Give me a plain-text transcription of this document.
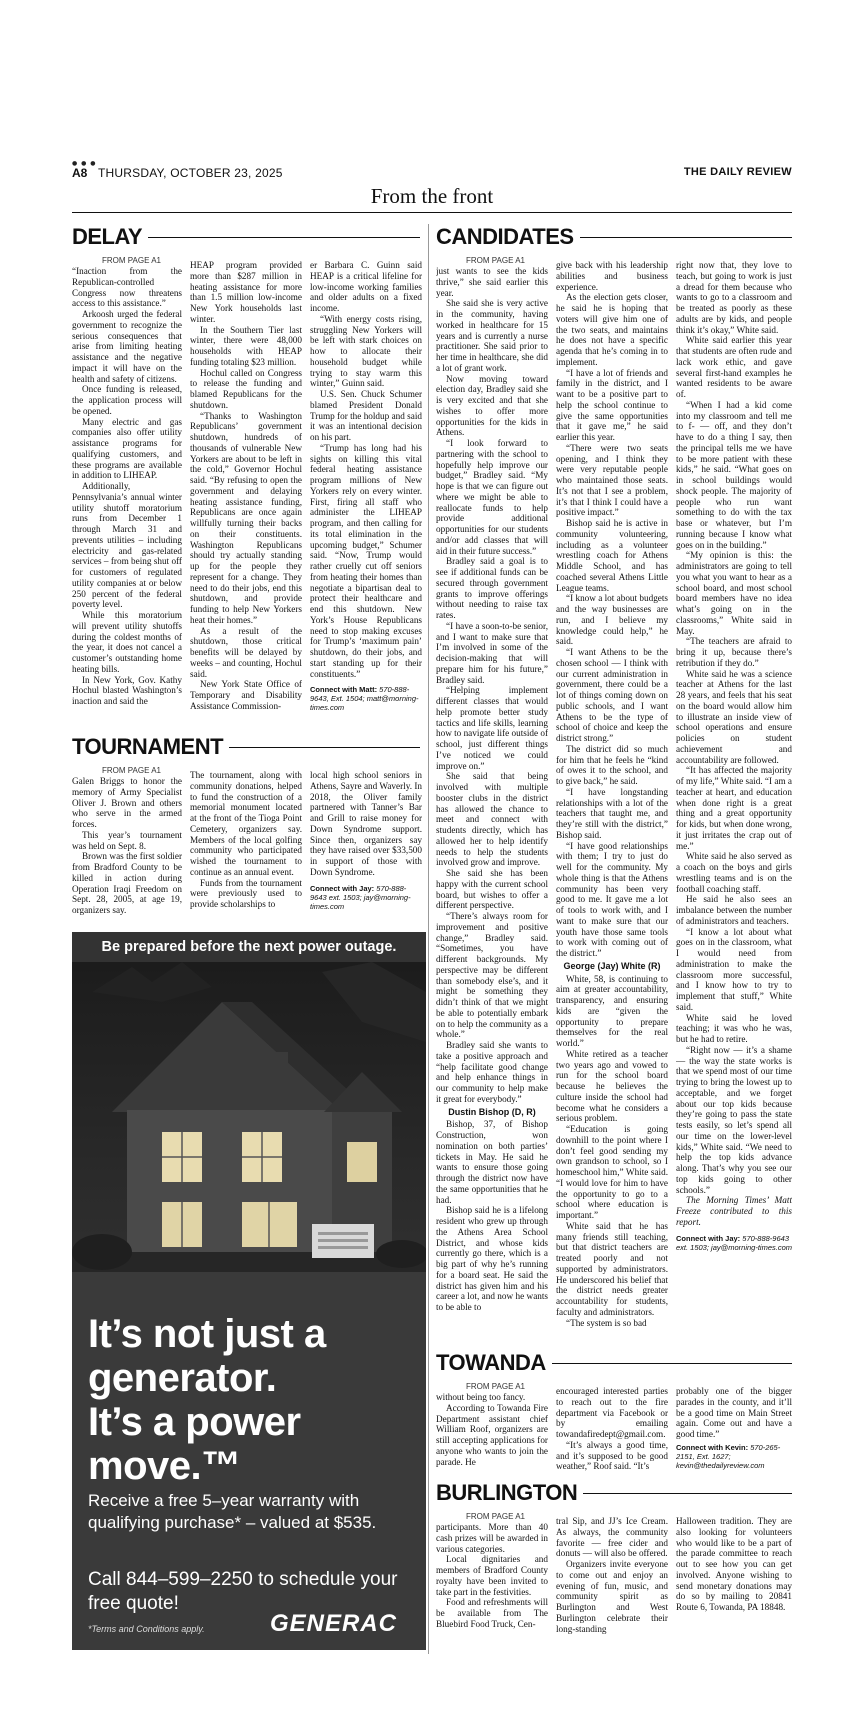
● ● ●
A8 THURSDAY, OCTOBER 23, 2025	THE DAILY REVIEW
From the front
DELAY
FROM PAGE A1

“Inaction from the Republican-controlled Congress now threatens access to this assistance.”

Arkoosh urged the federal government to recognize the serious consequences that arise from limiting heating assistance and the negative impact it will have on the health and safety of citizens.

Once funding is released, the application process will be opened.

Many electric and gas companies also offer utility assistance programs for qualifying customers, and these programs are available in addition to LIHEAP.

Additionally, Pennsylvania’s annual winter utility shutoff moratorium runs from December 1 through March 31 and prevents utilities – including electricity and gas-related services – from being shut off for customers of regulated utility companies at or below 250 percent of the federal poverty level.

While this moratorium will prevent utility shutoffs during the coldest months of the year, it does not cancel a customer’s outstanding home heating bills.

In New York, Gov. Kathy Hochul blasted Washington’s inaction and said the

HEAP program provided more than $287 million in heating assistance for more than 1.5 million low-income New York households last winter.

In the Southern Tier last winter, there were 48,000 households with HEAP funding totaling $23 million.

Hochul called on Congress to release the funding and blamed Republicans for the shutdown.

“Thanks to Washington Republicans’ government shutdown, hundreds of thousands of vulnerable New Yorkers are about to be left in the cold,” Governor Hochul said. “By refusing to open the government and delaying heating assistance funding, Republicans are once again willfully turning their backs on their constituents. Washington Republicans should try actually standing up for the people they represent for a change. They need to do their jobs, end this shutdown, and provide funding to help New Yorkers heat their homes.”

As a result of the shutdown, those critical benefits will be delayed by weeks – and counting, Hochul said.

New York State Office of Temporary and Disability Assistance Commission-

er Barbara C. Guinn said HEAP is a critical lifeline for low-income working families and older adults on a fixed income.

“With energy costs rising, struggling New Yorkers will be left with stark choices on how to allocate their household budget while trying to stay warm this winter,” Guinn said.

U.S. Sen. Chuck Schumer blamed President Donald Trump for the holdup and said it was an intentional decision on his part.

“Trump has long had his sights on killing this vital federal heating assistance program millions of New Yorkers rely on every winter. First, firing all staff who administer the LIHEAP program, and then calling for its total elimination in the upcoming budget,” Schumer said. “Now, Trump would rather cruelly cut off seniors from heating their homes than negotiate a bipartisan deal to protect their healthcare and end this shutdown. New York’s House Republicans need to stop making excuses for Trump’s ‘maximum pain’ shutdown, do their jobs, and start standing up for their constituents.”

Connect with Matt: 570-888-9643, Ext. 1504; matt@morning-times.com

TOURNAMENT
FROM PAGE A1

Galen Briggs to honor the memory of Army Specialist Oliver J. Brown and others who serve in the armed forces.

This year’s tournament was held on Sept. 8.

Brown was the first soldier from Bradford County to be killed in action during Operation Iraqi Freedom on Sept. 28, 2005, at age 19, organizers say.

The tournament, along with community donations, helped to fund the construction of a memorial monument located at the front of the Tioga Point Cemetery, organizers say. Members of the local golfing community who participated wished the tournament to continue as an annual event.

Funds from the tournament were previously used to provide scholarships to

local high school seniors in Athens, Sayre and Waverly. In 2018, the Oliver family partnered with Tanner’s Bar and Grill to raise money for Down Syndrome support. Since then, organizers say they have raised over $33,500 in support of those with Down Syndrome.

Connect with Jay: 570-888-9643 ext. 1503; jay@morning-times.com

Be prepared before the next power outage.
It’s not just a generator.
It’s a power move.™
Receive a free 5–year warranty with qualifying purchase* – valued at $535.
Call 844–599–2250 to schedule your free quote!
*Terms and Conditions apply.	GENERAC
CANDIDATES
FROM PAGE A1

just wants to see the kids thrive,” she said earlier this year.

She said she is very active in the community, having worked in healthcare for 15 years and is currently a nurse practitioner. She said prior to her time in healthcare, she did a lot of grant work.

Now moving toward election day, Bradley said she is very excited and that she wishes to offer more opportunities for the kids in Athens.

“I look forward to partnering with the school to hopefully help improve our budget,” Bradley said. “My hope is that we can figure out where we might be able to reallocate funds to help provide additional opportunities for our students and/or add classes that will aid in their future success.”

Bradley said a goal is to see if additional funds can be secured through government grants to improve offerings without needing to raise tax rates.

“I have a soon-to-be senior, and I want to make sure that I’m involved in some of the decision-making that will prepare him for his future,” Bradley said.

“Helping implement different classes that would help promote better study tactics and life skills, learning how to navigate life outside of school, just different things I’ve noticed we could improve on.”

She said that being involved with multiple booster clubs in the district has allowed the chance to meet and connect with students directly, which has allowed her to help identify needs to help the students involved grow and improve.

She said she has been happy with the current school board, but wishes to offer a different perspective.

“There’s always room for improvement and positive change,” Bradley said. “Sometimes, you have different backgrounds. My perspective may be different than somebody else’s, and it might be something they didn’t think of that we might be able to potentially embark on to help the community as a whole.”

Bradley said she wants to take a positive approach and “help facilitate good change and help enhance things in our community to help make it great for everybody.”

Dustin Bishop (D, R)

Bishop, 37, of Bishop Construction, won nomination on both parties’ tickets in May. He said he wants to ensure those going through the district now have the same opportunities that he had.

Bishop said he is a lifelong resident who grew up through the Athens Area School District, and whose kids currently go there, which is a big part of why he’s running for a board seat. He said the district has given him and his career a lot, and now he wants to be able to

give back with his leadership abilities and business experience.

As the election gets closer, he said he is hoping that voters will give him one of the two seats, and maintains he does not have a specific agenda that he’s coming in to implement.

“I have a lot of friends and family in the district, and I want to be a positive part to help the school continue to give the same opportunities that it gave me,” he said earlier this year.

“There were two seats opening, and I think they were very reputable people who maintained those seats. It’s not that I see a problem, it’s that I think I could have a positive impact.”

Bishop said he is active in community volunteering, including as a volunteer wrestling coach for Athens Middle School, and has coached several Athens Little League teams.

“I know a lot about budgets and the way businesses are run, and I believe my knowledge could help,” he said.

“I want Athens to be the chosen school — I think with our current administration in government, there could be a lot of things coming down on public schools, and I want Athens to be the type of school of choice and keep the district strong.”

The district did so much for him that he feels he “kind of owes it to the school, and to give back,” he said.

“I have longstanding relationships with a lot of the teachers that taught me, and they’re still with the district,” Bishop said.

“I have good relationships with them; I try to just do well for the community. My whole thing is that the Athens community has been very good to me. It gave me a lot of tools to work with, and I want to make sure that our youth have those same tools to work with coming out of the district.”

George (Jay) White (R)

White, 58, is continuing to aim at greater accountability, transparency, and ensuring kids are “given the opportunity to prepare themselves for the real world.”

White retired as a teacher two years ago and vowed to run for the school board because he believes the culture inside the school had become what he considers a serious problem.

“Education is going downhill to the point where I don’t feel good sending my own grandson to school, so I homeschool him,” White said. “I would love for him to have the opportunity to go to a school where education is important.”

White said that he has many friends still teaching, but that district teachers are treated poorly and not supported by administrators. He underscored his belief that the district needs greater accountability for students, faculty and administrators.

“The system is so bad

right now that, they love to teach, but going to work is just a dread for them because who wants to go to a classroom and be treated as poorly as these adults are by kids, and people think it’s okay,” White said.

White said earlier this year that students are often rude and lack work ethic, and gave several first-hand examples he wanted residents to be aware of.

“When I had a kid come into my classroom and tell me to f- — off, and they don’t have to do a thing I say, then the principal tells me we have to be more patient with these kids,” he said. “What goes on in school buildings would shock people. The majority of people who run want something to do with the tax base or whatever, but I’m running because I know what goes on in the building.”

“My opinion is this: the administrators are going to tell you what you want to hear as a school board, and most school board members have no idea what’s going on in the classrooms,” White said in May.

“The teachers are afraid to bring it up, because there’s retribution if they do.”

White said he was a science teacher at Athens for the last 28 years, and feels that his seat on the board would allow him to illustrate an inside view of school operations and ensure policies on student achievement and accountability are followed.

“It has affected the majority of my life,” White said. “I am a teacher at heart, and education when done right is a great thing and a great opportunity for kids, but when done wrong, it just irritates the crap out of me.”

White said he also served as a coach on the boys and girls wrestling teams and is on the football coaching staff.

He said he also sees an imbalance between the number of administrators and teachers.

“I know a lot about what goes on in the classroom, what I would need from administration to make the classroom more successful, and I know how to try to implement that stuff,” White said.

White said he loved teaching; it was who he was, but he had to retire.

“Right now — it’s a shame — the way the state works is that we spend most of our time trying to bring the lowest up to acceptable, and we forget about our top kids because they’re going to pass the state tests easily, so let’s spend all our time on the lower-level kids,” White said. “We need to help the top kids advance along. That’s why you see our top kids going to other schools.”

The Morning Times’ Matt Freeze contributed to this report.

Connect with Jay: 570-888-9643 ext. 1503; jay@morning-times.com

TOWANDA
FROM PAGE A1

without being too fancy.

According to Towanda Fire Department assistant chief William Roof, organizers are still accepting applications for anyone who wants to join the parade. He

encouraged interested parties to reach out to the fire department via Facebook or by emailing towandafiredept@gmail.com.

“It’s always a good time, and it’s supposed to be good weather,” Roof said. “It’s

probably one of the bigger parades in the county, and it’ll be a good time on Main Street again. Come out and have a good time.”

Connect with Kevin: 570-265-2151, Ext. 1627; kevin@thedailyreview.com

BURLINGTON
FROM PAGE A1

participants. More than 40 cash prizes will be awarded in various categories.

Local dignitaries and members of Bradford County royalty have been invited to take part in the festivities.

Food and refreshments will be available from The Bluebird Food Truck, Cen-

tral Sip, and JJ’s Ice Cream. As always, the community favorite — free cider and donuts — will also be offered.

Organizers invite everyone to come out and enjoy an evening of fun, music, and community spirit as Burlington and West Burlington celebrate their long-standing

Halloween tradition. They are also looking for volunteers who would like to be a part of the parade committee to reach out to see how you can get involved. Anyone wishing to send monetary donations may do so by mailing to 20841 Route 6, Towanda, PA 18848.
